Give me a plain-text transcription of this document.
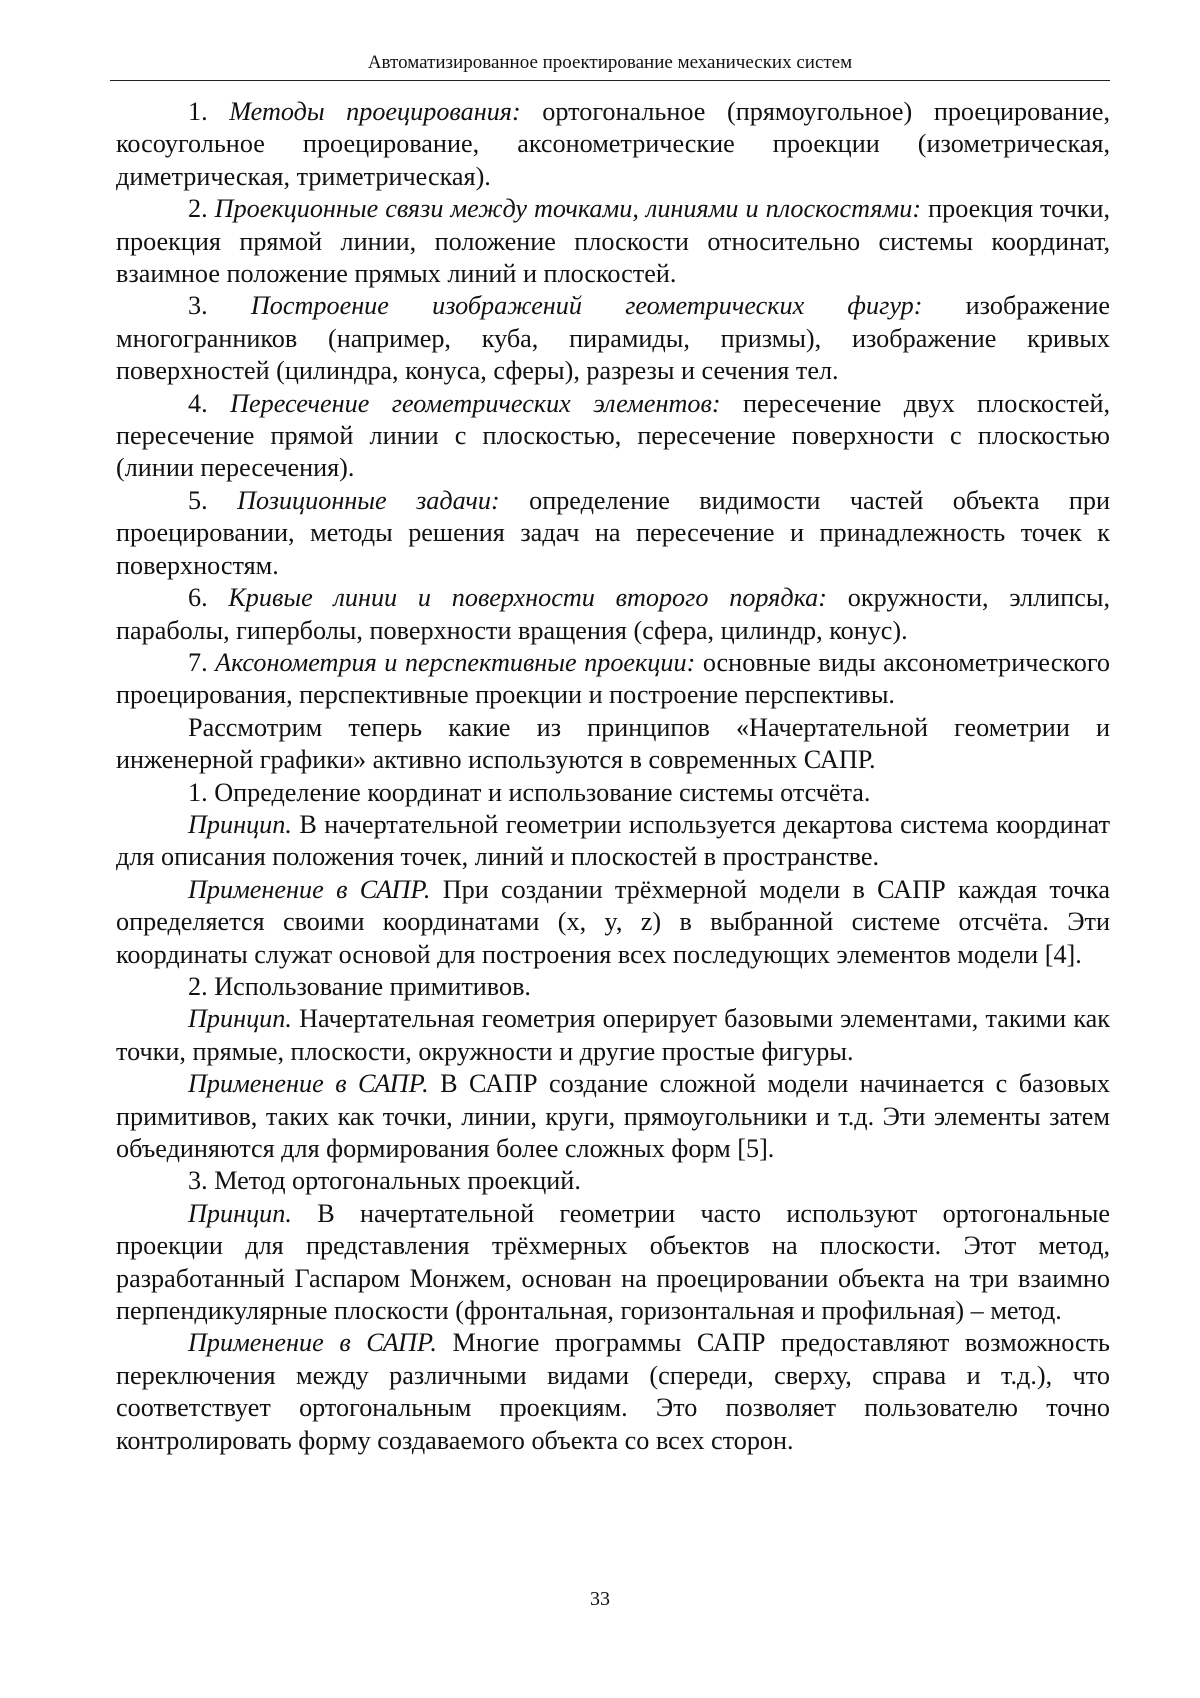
Автоматизированное проектирование механических систем

1. Методы проецирования: ортогональное (прямоугольное) проецирование, косоугольное проецирование, аксонометрические проекции (изометрическая, диметрическая, триметрическая).

2. Проекционные связи между точками, линиями и плоскостями: проекция точки, проекция прямой линии, положение плоскости относительно системы координат, взаимное положение прямых линий и плоскостей.

3. Построение изображений геометрических фигур: изображение многогранников (например, куба, пирамиды, призмы), изображение кривых поверхностей (цилиндра, конуса, сферы), разрезы и сечения тел.

4. Пересечение геометрических элементов: пересечение двух плоскостей, пересечение прямой линии с плоскостью, пересечение поверхности с плоскостью (линии пересечения).

5. Позиционные задачи: определение видимости частей объекта при проецировании, методы решения задач на пересечение и принадлежность точек к поверхностям.

6. Кривые линии и поверхности второго порядка: окружности, эллипсы, параболы, гиперболы, поверхности вращения (сфера, цилиндр, конус).

7. Аксонометрия и перспективные проекции: основные виды аксонометрического проецирования, перспективные проекции и построение перспективы.

Рассмотрим теперь какие из принципов «Начертательной геометрии и инженерной графики» активно используются в современных САПР.

1. Определение координат и использование системы отсчёта.

Принцип. В начертательной геометрии используется декартова система координат для описания положения точек, линий и плоскостей в пространстве.

Применение в САПР. При создании трёхмерной модели в САПР каждая точка определяется своими координатами (x, y, z) в выбранной системе отсчёта. Эти координаты служат основой для построения всех последующих элементов модели [4].

2. Использование примитивов.

Принцип. Начертательная геометрия оперирует базовыми элементами, такими как точки, прямые, плоскости, окружности и другие простые фигуры.

Применение в САПР. В САПР создание сложной модели начинается с базовых примитивов, таких как точки, линии, круги, прямоугольники и т.д. Эти элементы затем объединяются для формирования более сложных форм [5].

3. Метод ортогональных проекций.

Принцип. В начертательной геометрии часто используют ортогональные проекции для представления трёхмерных объектов на плоскости. Этот метод, разработанный Гаспаром Монжем, основан на проецировании объекта на три взаимно перпендикулярные плоскости (фронтальная, горизонтальная и профильная) – метод.

Применение в САПР. Многие программы САПР предоставляют возможность переключения между различными видами (спереди, сверху, справа и т.д.), что соответствует ортогональным проекциям. Это позволяет пользователю точно контролировать форму создаваемого объекта со всех сторон.

33
